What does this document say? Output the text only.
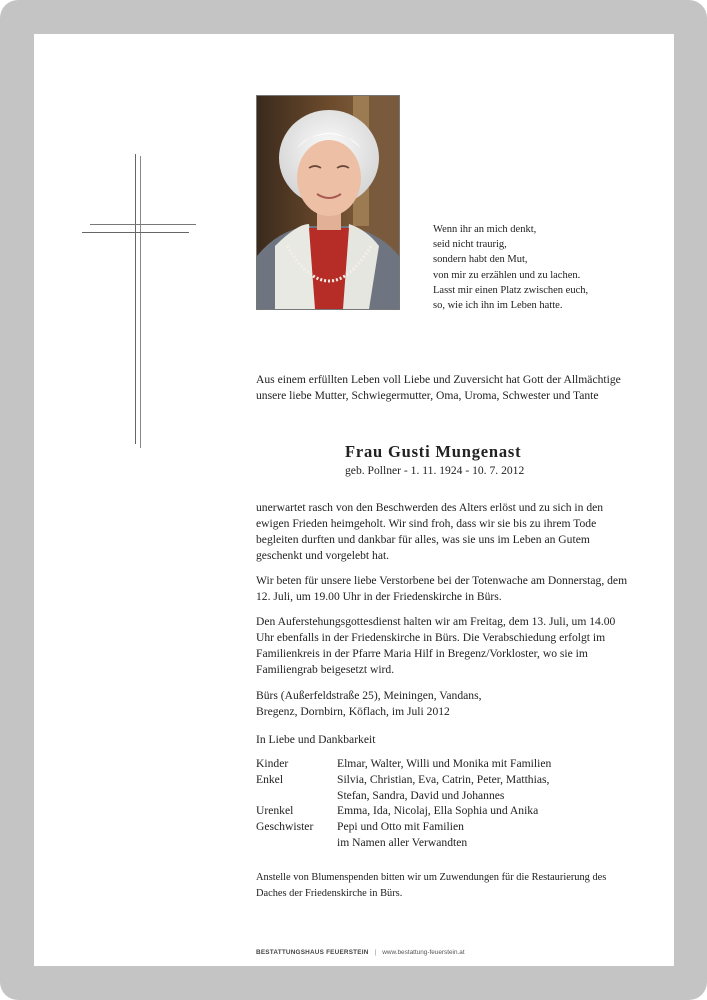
Wenn ihr an mich denkt,
seid nicht traurig,
sondern habt den Mut,
von mir zu erzählen und zu lachen.
Lasst mir einen Platz zwischen euch,
so, wie ich ihn im Leben hatte.
Aus einem erfüllten Leben voll Liebe und Zuversicht hat Gott der Allmächtige unsere liebe Mutter, Schwiegermutter, Oma, Uroma, Schwester und Tante
Frau Gusti Mungenast
geb. Pollner - 1. 11. 1924 - 10. 7. 2012
unerwartet rasch von den Beschwerden des Alters erlöst und zu sich in den ewigen Frieden heimgeholt. Wir sind froh, dass wir sie bis zu ihrem Tode begleiten durften und dankbar für alles, was sie uns im Leben an Gutem geschenkt und vorgelebt hat.
Wir beten für unsere liebe Verstorbene bei der Totenwache am Donnerstag, dem 12. Juli, um 19.00 Uhr in der Friedenskirche in Bürs.
Den Auferstehungsgottesdienst halten wir am Freitag, dem 13. Juli, um 14.00 Uhr ebenfalls in der Friedenskirche in Bürs. Die Verabschiedung erfolgt im Familienkreis in der Pfarre Maria Hilf in Bregenz/Vorkloster, wo sie im Familiengrab beigesetzt wird.
Bürs (Außerfeldstraße 25), Meiningen, Vandans,
Bregenz, Dornbirn, Köflach, im Juli 2012
In Liebe und Dankbarkeit
Kinder	Elmar, Walter, Willi und Monika mit Familien
Enkel	Silvia, Christian, Eva, Catrin, Peter, Matthias,
Stefan, Sandra, David und Johannes
Urenkel	Emma, Ida, Nicolaj, Ella Sophia und Anika
Geschwister Pepi und Otto mit Familien
im Namen aller Verwandten
Anstelle von Blumenspenden bitten wir um Zuwendungen für die Restaurierung des Daches der Friedenskirche in Bürs.
BESTATTUNGSHAUS FEUERSTEIN | www.bestattung-feuerstein.at
